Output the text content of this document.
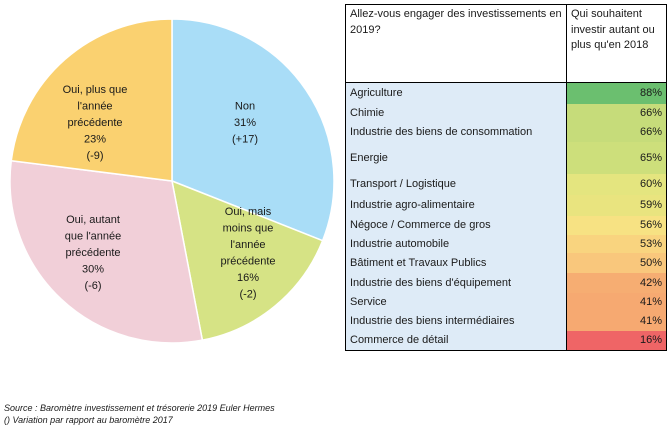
Non 31% (+17)
Oui, mais moins que l'année précédente 16% (-2)
Oui, autant que l'année précédente 30% (-6)
Oui, plus que l'année précédente 23% (-9)
Allez-vous engager des investissements en 2019?	Qui souhaitent investir autant ou plus qu'en 2018
Agriculture	88%
Chimie	66%
Industrie des biens de consommation	66%
Energie	65%
Transport / Logistique	60%
Industrie agro-alimentaire	59%
Négoce / Commerce de gros	56%
Industrie automobile	53%
Bâtiment et Travaux Publics	50%
Industrie des biens d'équipement	42%
Service	41%
Industrie des biens intermédiaires	41%
Commerce de détail	16%
Source : Baromètre investissement et trésorerie 2019 Euler Hermes
() Variation par rapport au baromètre 2017
